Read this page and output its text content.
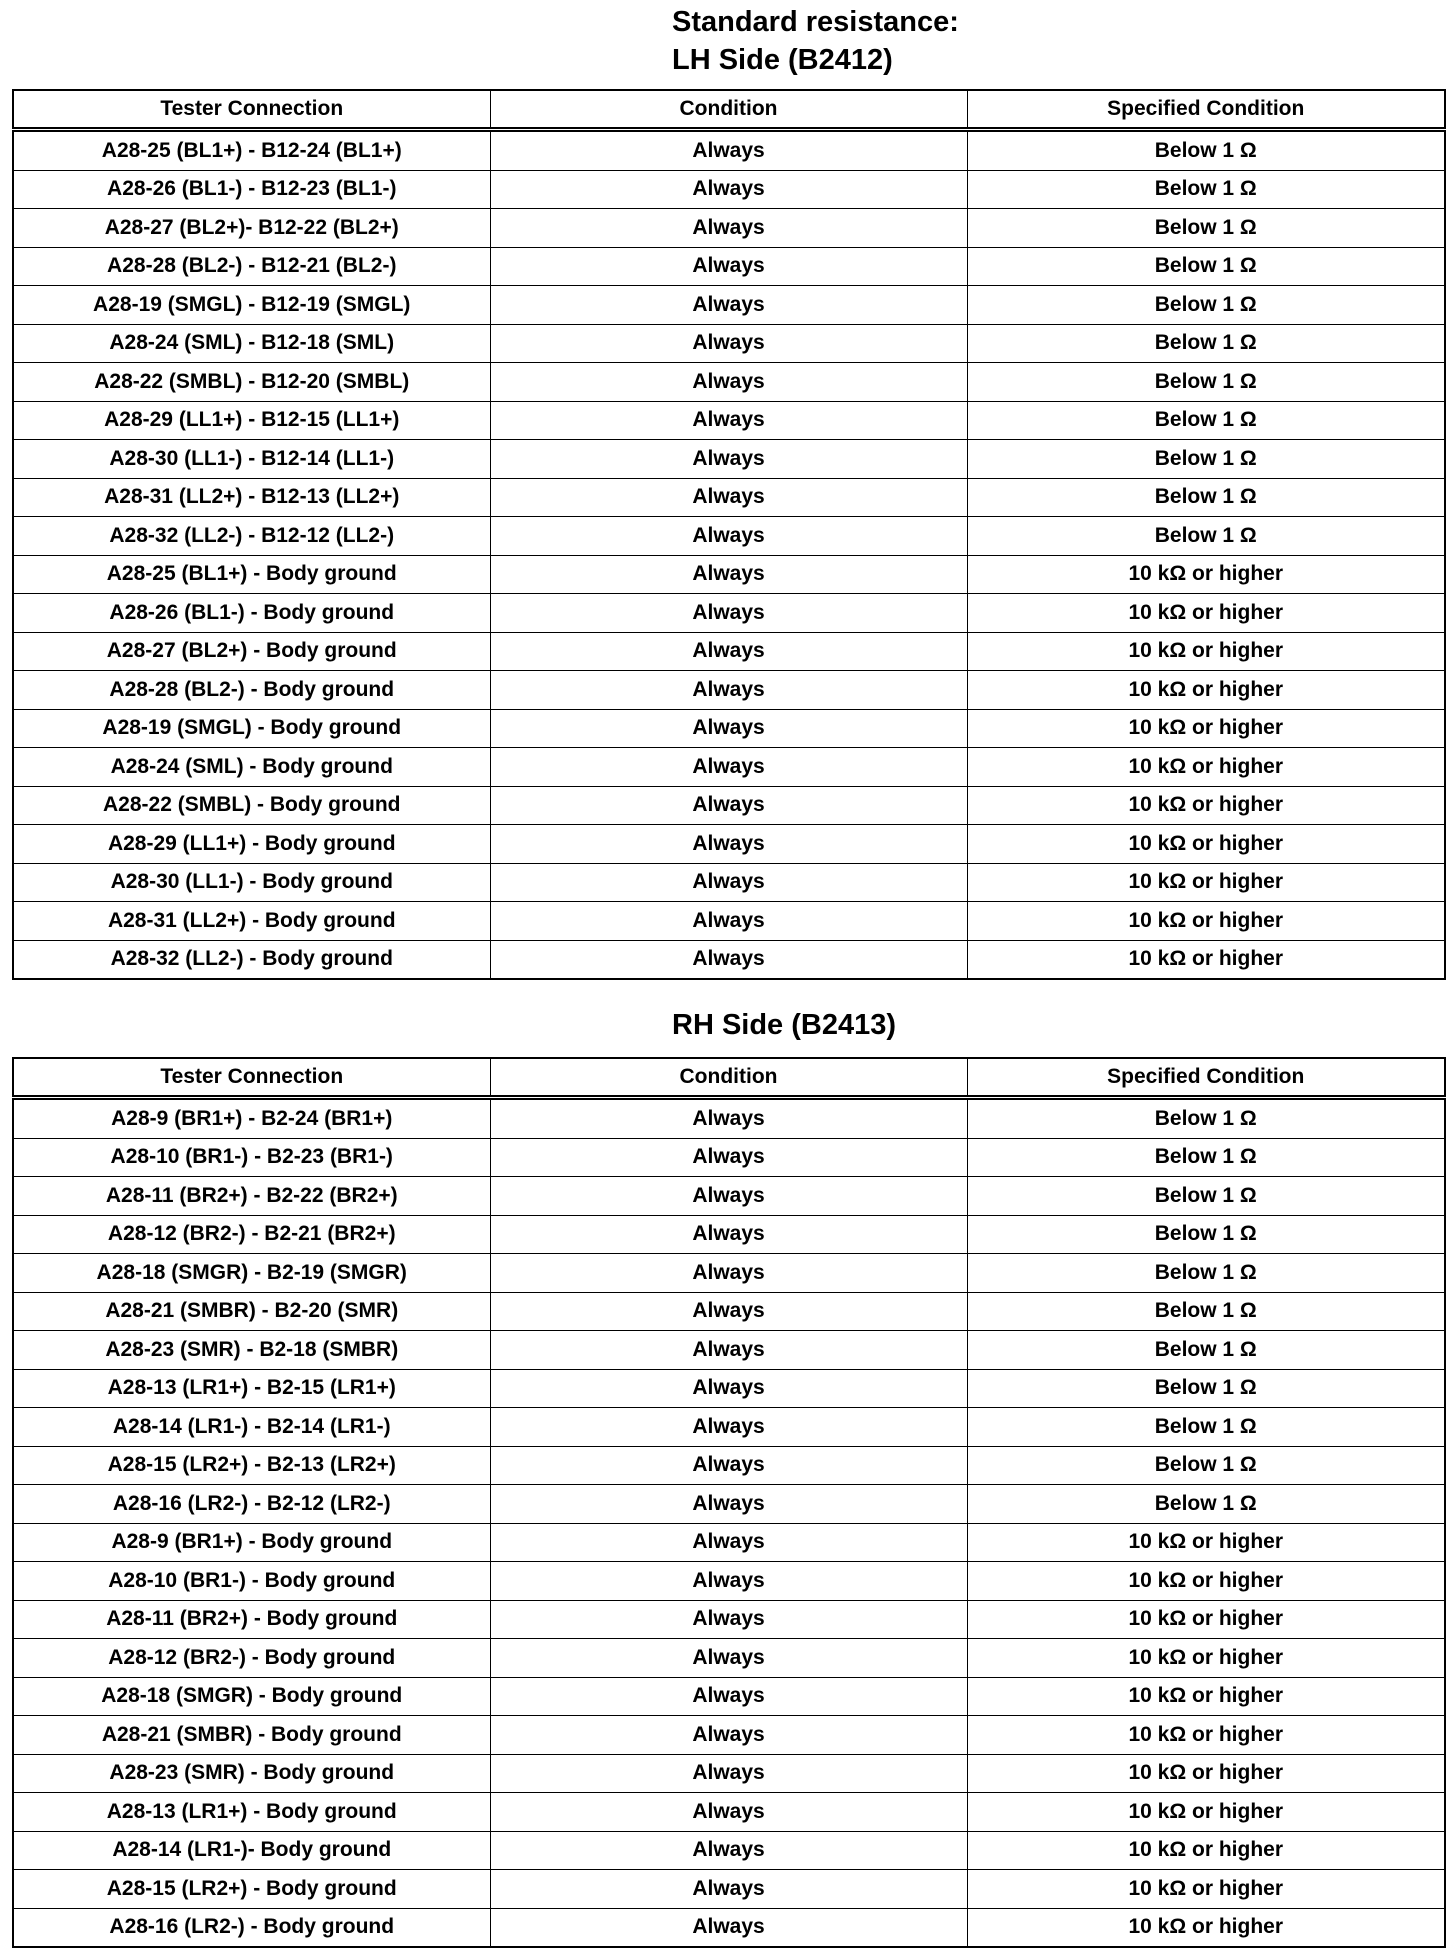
Standard resistance:
LH Side (B2412)
Tester Connection	Condition	Specified Condition
A28-25 (BL1+) - B12-24 (BL1+)	Always	Below 1 Ω
A28-26 (BL1-) - B12-23 (BL1-)	Always	Below 1 Ω
A28-27 (BL2+)- B12-22 (BL2+)	Always	Below 1 Ω
A28-28 (BL2-) - B12-21 (BL2-)	Always	Below 1 Ω
A28-19 (SMGL) - B12-19 (SMGL)	Always	Below 1 Ω
A28-24 (SML) - B12-18 (SML)	Always	Below 1 Ω
A28-22 (SMBL) - B12-20 (SMBL)	Always	Below 1 Ω
A28-29 (LL1+) - B12-15 (LL1+)	Always	Below 1 Ω
A28-30 (LL1-) - B12-14 (LL1-)	Always	Below 1 Ω
A28-31 (LL2+) - B12-13 (LL2+)	Always	Below 1 Ω
A28-32 (LL2-) - B12-12 (LL2-)	Always	Below 1 Ω
A28-25 (BL1+) - Body ground	Always	10 kΩ or higher
A28-26 (BL1-) - Body ground	Always	10 kΩ or higher
A28-27 (BL2+) - Body ground	Always	10 kΩ or higher
A28-28 (BL2-) - Body ground	Always	10 kΩ or higher
A28-19 (SMGL) - Body ground	Always	10 kΩ or higher
A28-24 (SML) - Body ground	Always	10 kΩ or higher
A28-22 (SMBL) - Body ground	Always	10 kΩ or higher
A28-29 (LL1+) - Body ground	Always	10 kΩ or higher
A28-30 (LL1-) - Body ground	Always	10 kΩ or higher
A28-31 (LL2+) - Body ground	Always	10 kΩ or higher
A28-32 (LL2-) - Body ground	Always	10 kΩ or higher
RH Side (B2413)
Tester Connection	Condition	Specified Condition
A28-9 (BR1+) - B2-24 (BR1+)	Always	Below 1 Ω
A28-10 (BR1-) - B2-23 (BR1-)	Always	Below 1 Ω
A28-11 (BR2+) - B2-22 (BR2+)	Always	Below 1 Ω
A28-12 (BR2-) - B2-21 (BR2+)	Always	Below 1 Ω
A28-18 (SMGR) - B2-19 (SMGR)	Always	Below 1 Ω
A28-21 (SMBR) - B2-20 (SMR)	Always	Below 1 Ω
A28-23 (SMR) - B2-18 (SMBR)	Always	Below 1 Ω
A28-13 (LR1+) - B2-15 (LR1+)	Always	Below 1 Ω
A28-14 (LR1-) - B2-14 (LR1-)	Always	Below 1 Ω
A28-15 (LR2+) - B2-13 (LR2+)	Always	Below 1 Ω
A28-16 (LR2-) - B2-12 (LR2-)	Always	Below 1 Ω
A28-9 (BR1+) - Body ground	Always	10 kΩ or higher
A28-10 (BR1-) - Body ground	Always	10 kΩ or higher
A28-11 (BR2+) - Body ground	Always	10 kΩ or higher
A28-12 (BR2-) - Body ground	Always	10 kΩ or higher
A28-18 (SMGR) - Body ground	Always	10 kΩ or higher
A28-21 (SMBR) - Body ground	Always	10 kΩ or higher
A28-23 (SMR) - Body ground	Always	10 kΩ or higher
A28-13 (LR1+) - Body ground	Always	10 kΩ or higher
A28-14 (LR1-)- Body ground	Always	10 kΩ or higher
A28-15 (LR2+) - Body ground	Always	10 kΩ or higher
A28-16 (LR2-) - Body ground	Always	10 kΩ or higher
